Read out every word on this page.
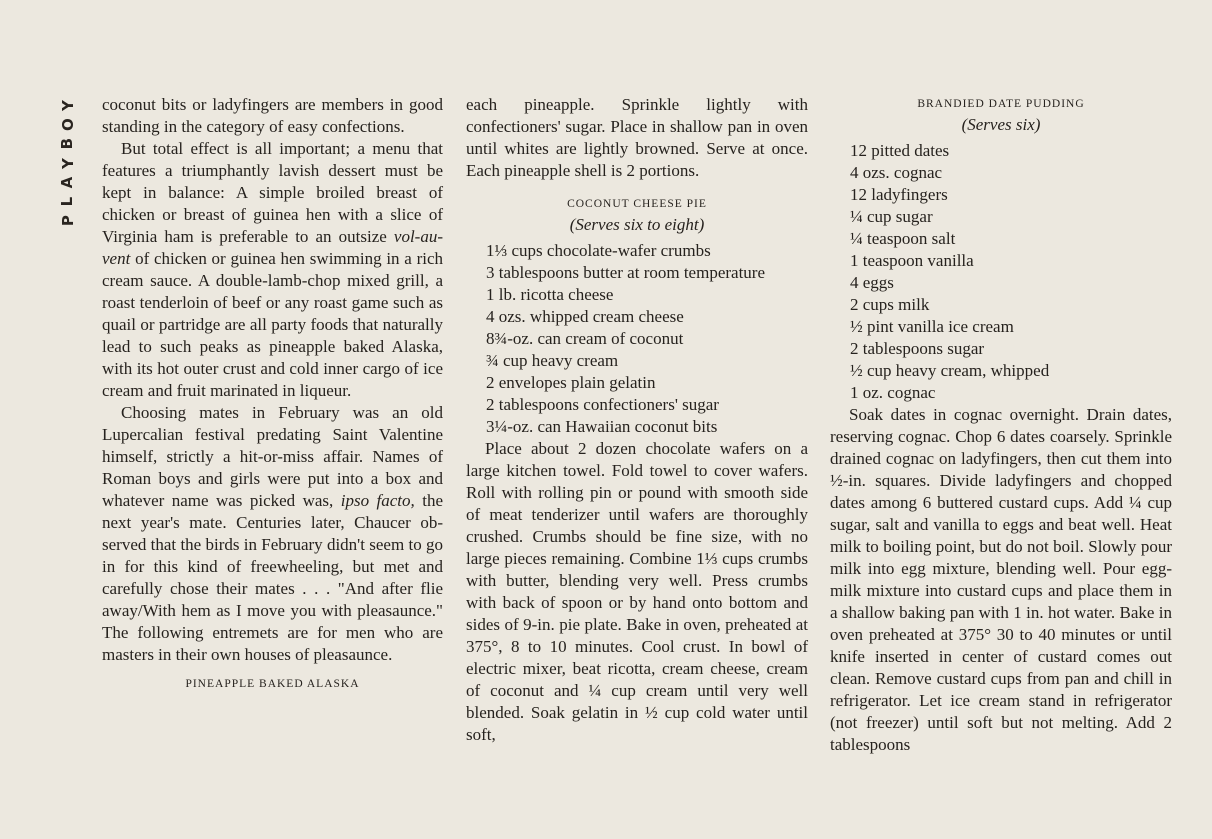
Y
O
B
Y
A
L
P

coconut bits or ladyfingers are members in good standing in the category of easy confections.

But total effect is all important; a menu that features a triumphantly lavish dessert must be kept in balance: A simple broiled breast of chicken or breast of guinea hen with a slice of Virginia ham is preferable to an outsize vol-au-vent of chicken or guinea hen swimming in a rich cream sauce. A double-lamb-chop mixed grill, a roast tenderloin of beef or any roast game such as quail or partridge are all party foods that naturally lead to such peaks as pineapple baked Alaska, with its hot outer crust and cold inner cargo of ice cream and fruit marinated in liqueur.

Choosing mates in February was an old Lupercalian festival predating Saint Valentine himself, strictly a hit-or-miss affair. Names of Roman boys and girls were put into a box and whatever name was picked was, ipso facto, the next year's mate. Centuries later, Chaucer observed that the birds in February didn't seem to go in for this kind of freewheeling, but met and carefully chose their mates . . . "And after flie away/With hem as I move you with pleasaunce." The following entremets are for men who are masters in their own houses of pleasaunce.

PINEAPPLE BAKED ALASKA

each pineapple. Sprinkle lightly with confectioners' sugar. Place in shallow pan in oven until whites are lightly browned. Serve at once. Each pineapple shell is 2 portions.

COCONUT CHEESE PIE
(Serves six to eight)
1⅓ cups chocolate-wafer crumbs
3 tablespoons butter at room temperature
1 lb. ricotta cheese
4 ozs. whipped cream cheese
8¾-oz. can cream of coconut
¾ cup heavy cream
2 envelopes plain gelatin
2 tablespoons confectioners' sugar
3¼-oz. can Hawaiian coconut bits

Place about 2 dozen chocolate wafers on a large kitchen towel. Fold towel to cover wafers. Roll with rolling pin or pound with smooth side of meat tenderizer until wafers are thoroughly crushed. Crumbs should be fine size, with no large pieces remaining. Combine 1⅓ cups crumbs with butter, blending very well. Press crumbs with back of spoon or by hand onto bottom and sides of 9-in. pie plate. Bake in oven, preheated at 375°, 8 to 10 minutes. Cool crust. In bowl of electric mixer, beat ricotta, cream cheese, cream of coconut and ¼ cup cream until very well blended. Soak gelatin in ½ cup cold water until soft,

BRANDIED DATE PUDDING
(Serves six)
12 pitted dates
4 ozs. cognac
12 ladyfingers
¼ cup sugar
¼ teaspoon salt
1 teaspoon vanilla
4 eggs
2 cups milk
½ pint vanilla ice cream
2 tablespoons sugar
½ cup heavy cream, whipped
1 oz. cognac

Soak dates in cognac overnight. Drain dates, reserving cognac. Chop 6 dates coarsely. Sprinkle drained cognac on ladyfingers, then cut them into ½-in. squares. Divide ladyfingers and chopped dates among 6 buttered custard cups. Add ¼ cup sugar, salt and vanilla to eggs and beat well. Heat milk to boiling point, but do not boil. Slowly pour milk into egg mixture, blending well. Pour egg-milk mixture into custard cups and place them in a shallow baking pan with 1 in. hot water. Bake in oven preheated at 375° 30 to 40 minutes or until knife inserted in center of custard comes out clean. Remove custard cups from pan and chill in refrigerator. Let ice cream stand in refrigerator (not freezer) until soft but not melting. Add 2 tablespoons
